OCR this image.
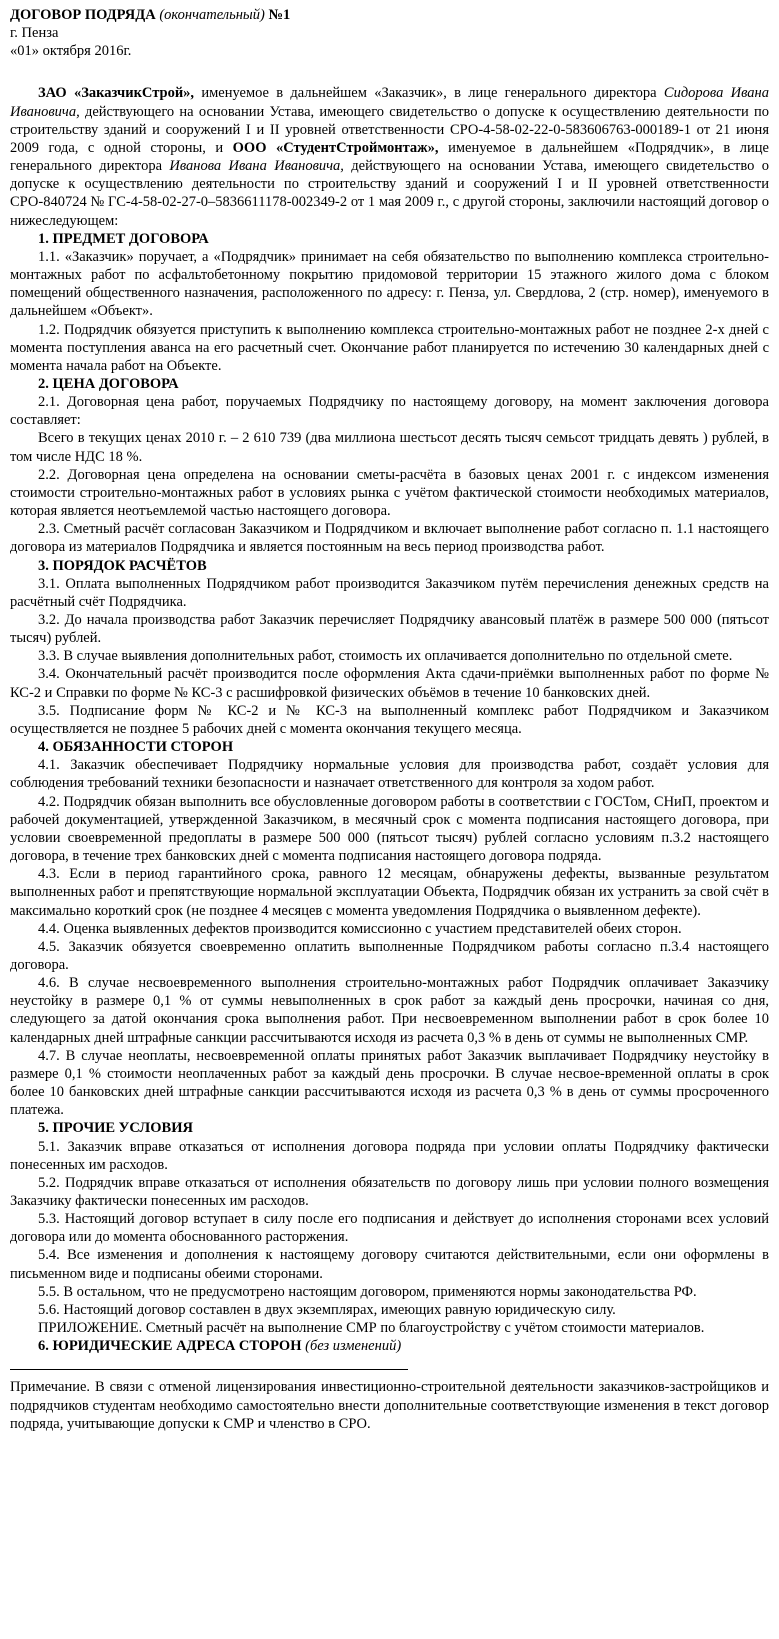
ДОГОВОР ПОДРЯДА (окончательный) №1
г. Пенза
«01» октября 2016г.

ЗАО «ЗаказчикСтрой», именуемое в дальнейшем «Заказчик», в лице генерального директора Сидорова Ивана Ивановича, действующего на основании Устава, имеющего свидетельство о допуске к осуществлению деятельности по строительству зданий и сооружений I и II уровней ответственности СРО-4-58-02-22-0-583606763-000189-1 от 21 июня 2009 года, с одной стороны, и ООО «СтудентСтроймонтаж», именуемое в дальнейшем «Подрядчик», в лице генерального директора Иванова Ивана Ивановича, действующего на основании Устава, имеющего свидетельство о допуске к осуществлению деятельности по строительству зданий и сооружений I и II уровней ответственности СРО-840724 № ГС-4-58-02-27-0–5836611178-002349-2 от 1 мая 2009 г., с другой стороны, заключили настоящий договор о нижеследующем:

1. ПРЕДМЕТ ДОГОВОРА

1.1. «Заказчик» поручает, а «Подрядчик» принимает на себя обязательство по выполнению комплекса строительно-монтажных работ по асфальтобетонному покрытию придомовой территории 15 этажного жилого дома с блоком помещений общественного назначения, расположенного по адресу: г. Пенза, ул. Свердлова, 2 (стр. номер), именуемого в дальнейшем «Объект».

1.2. Подрядчик обязуется приступить к выполнению комплекса строительно-монтажных работ не позднее 2-х дней с момента поступления аванса на его расчетный счет. Окончание работ планируется по истечению 30 календарных дней с момента начала работ на Объекте.

2. ЦЕНА ДОГОВОРА

2.1. Договорная цена работ, поручаемых Подрядчику по настоящему договору, на момент заключения договора составляет:

Всего в текущих ценах 2010 г. – 2 610 739 (два миллиона шестьсот десять тысяч семьсот тридцать девять ) рублей, в том числе НДС 18 %.

2.2. Договорная цена определена на основании сметы-расчёта в базовых ценах 2001 г. с индексом изменения стоимости строительно-монтажных работ в условиях рынка с учётом фактической стоимости необходимых материалов, которая является неотъемлемой частью настоящего договора.

2.3. Сметный расчёт согласован Заказчиком и Подрядчиком и включает выполнение работ согласно п. 1.1 настоящего договора из материалов Подрядчика и является постоянным на весь период производства работ.

3. ПОРЯДОК РАСЧЁТОВ

3.1. Оплата выполненных Подрядчиком работ производится Заказчиком путём перечисления денежных средств на расчётный счёт Подрядчика.

3.2. До начала производства работ Заказчик перечисляет Подрядчику авансовый платёж в размере 500 000 (пятьсот тысяч) рублей.

3.3. В случае выявления дополнительных работ, стоимость их оплачивается дополнительно по отдельной смете.

3.4. Окончательный расчёт производится после оформления Акта сдачи-приёмки выполненных работ по форме № КС-2 и Справки по форме № КС-3 с расшифровкой физических объёмов в течение 10 банковских дней.

3.5. Подписание форм № КС-2 и № КС-3 на выполненный комплекс работ Подрядчиком и Заказчиком осуществляется не позднее 5 рабочих дней с момента окончания текущего месяца.

4. ОБЯЗАННОСТИ СТОРОН

4.1. Заказчик обеспечивает Подрядчику нормальные условия для производства работ, создаёт условия для соблюдения требований техники безопасности и назначает ответственного для контроля за ходом работ.

4.2. Подрядчик обязан выполнить все обусловленные договором работы в соответствии с ГОСТом, СНиП, проектом и рабочей документацией, утвержденной Заказчиком, в месячный срок с момента подписания настоящего договора, при условии своевременной предоплаты в размере 500 000 (пятьсот тысяч) рублей согласно условиям п.3.2 настоящего договора, в течение трех банковских дней с момента подписания настоящего договора подряда.

4.3. Если в период гарантийного срока, равного 12 месяцам, обнаружены дефекты, вызванные результатом выполненных работ и препятствующие нормальной эксплуатации Объекта, Подрядчик обязан их устранить за свой счёт в максимально короткий срок (не позднее 4 месяцев с момента уведомления Подрядчика о выявленном дефекте).

4.4. Оценка выявленных дефектов производится комиссионно с участием представителей обеих сторон.

4.5. Заказчик обязуется своевременно оплатить выполненные Подрядчиком работы согласно п.3.4 настоящего договора.

4.6. В случае несвоевременного выполнения строительно-монтажных работ Подрядчик оплачивает Заказчику неустойку в размере 0,1 % от суммы невыполненных в срок работ за каждый день просрочки, начиная со дня, следующего за датой окончания срока выполнения работ. При несвоевременном выполнении работ в срок более 10 календарных дней штрафные санкции рассчитываются исходя из расчета 0,3 % в день от суммы не выполненных СМР.

4.7. В случае неоплаты, несвоевременной оплаты принятых работ Заказчик выплачивает Подрядчику неустойку в размере 0,1 % стоимости неоплаченных работ за каждый день просрочки. В случае несвое-временной оплаты в срок более 10 банковских дней штрафные санкции рассчитываются исходя из расчета 0,3 % в день от суммы просроченного платежа.

5. ПРОЧИЕ УСЛОВИЯ

5.1. Заказчик вправе отказаться от исполнения договора подряда при условии оплаты Подрядчику фактически понесенных им расходов.

5.2. Подрядчик вправе отказаться от исполнения обязательств по договору лишь при условии полного возмещения Заказчику фактически понесенных им расходов.

5.3. Настоящий договор вступает в силу после его подписания и действует до исполнения сторонами всех условий договора или до момента обоснованного расторжения.

5.4. Все изменения и дополнения к настоящему договору считаются действительными, если они оформлены в письменном виде и подписаны обеими сторонами.

5.5. В остальном, что не предусмотрено настоящим договором, применяются нормы законодательства РФ.

5.6. Настоящий договор составлен в двух экземплярах, имеющих равную юридическую силу.

ПРИЛОЖЕНИЕ. Сметный расчёт на выполнение СМР по благоустройству с учётом стоимости материалов.

6. ЮРИДИЧЕСКИЕ АДРЕСА СТОРОН (без изменений)

Примечание. В связи с отменой лицензирования инвестиционно-строительной деятельности заказчиков-застройщиков и подрядчиков студентам необходимо самостоятельно внести дополнительные соответствующие изменения в текст договор подряда, учитывающие допуски к СМР и членство в СРО.
